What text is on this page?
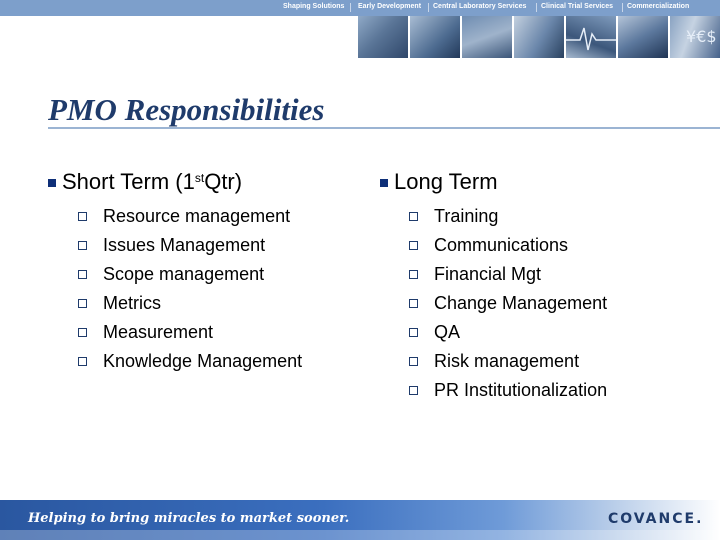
Shaping Solutions Early Development Central Laboratory Services Clinical Trial Services Commercialization
¥€$
PMO Responsibilities
Short Term (1st Qtr)
Resource management
Issues Management
Scope management
Metrics
Measurement
Knowledge Management
Long Term
Training
Communications
Financial Mgt
Change Management
QA
Risk management
PR Institutionalization
Helping to bring miracles to market sooner.	COVANCE.
